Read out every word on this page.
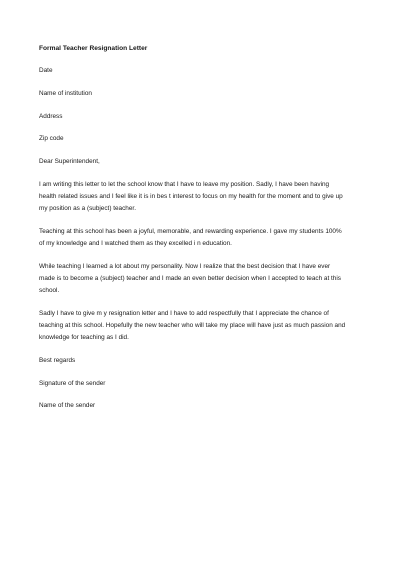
Formal Teacher Resignation Letter
Date
Name of institution
Address
Zip code
Dear Superintendent,
I am writing this letter to let the school know that I have to leave my position. Sadly, I have been having
health related issues and I feel like it is in bes t interest to focus on my health for the moment and to give up
my position as a (subject) teacher.
Teaching at this school has been a joyful, memorable, and rewarding experience. I gave my students 100%
of my knowledge and I watched them as they excelled i n education.
While teaching I learned a lot about my personality. Now I realize that the best decision that I have ever
made is to become a (subject) teacher and I made an even better decision when I accepted to teach at this
school.
Sadly I have to give m y resignation letter and I have to add respectfully that I appreciate the chance of
teaching at this school. Hopefully the new teacher who will take my place will have just as much passion and
knowledge for teaching as I did.
Best regards
Signature of the sender
Name of the sender
